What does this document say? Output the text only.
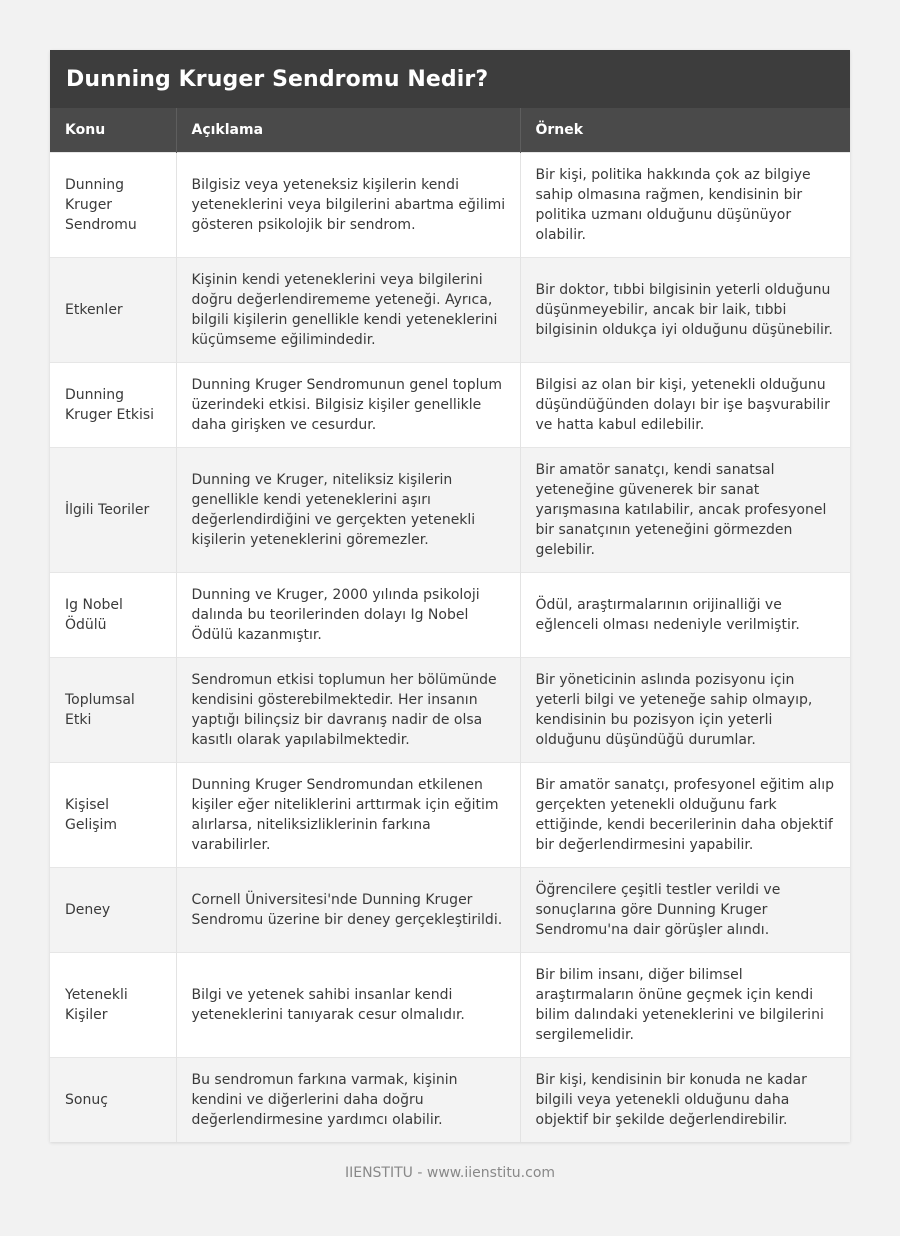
Dunning Kruger Sendromu Nedir?
Konu	Açıklama	Örnek
Dunning Kruger Sendromu	Bilgisiz veya yeteneksiz kişilerin kendi yeteneklerini veya bilgilerini abartma eğilimi gösteren psikolojik bir sendrom.	Bir kişi, politika hakkında çok az bilgiye sahip olmasına rağmen, kendisinin bir politika uzmanı olduğunu düşünüyor olabilir.
Etkenler	Kişinin kendi yeteneklerini veya bilgilerini doğru değerlendirememe yeteneği. Ayrıca, bilgili kişilerin genellikle kendi yeteneklerini küçümseme eğilimindedir.	Bir doktor, tıbbi bilgisinin yeterli olduğunu düşünmeyebilir, ancak bir laik, tıbbi bilgisinin oldukça iyi olduğunu düşünebilir.
Dunning Kruger Etkisi	Dunning Kruger Sendromunun genel toplum üzerindeki etkisi. Bilgisiz kişiler genellikle daha girişken ve cesurdur.	Bilgisi az olan bir kişi, yetenekli olduğunu düşündüğünden dolayı bir işe başvurabilir ve hatta kabul edilebilir.
İlgili Teoriler	Dunning ve Kruger, niteliksiz kişilerin genellikle kendi yeteneklerini aşırı değerlendirdiğini ve gerçekten yetenekli kişilerin yeteneklerini göremezler.	Bir amatör sanatçı, kendi sanatsal yeteneğine güvenerek bir sanat yarışmasına katılabilir, ancak profesyonel bir sanatçının yeteneğini görmezden gelebilir.
Ig Nobel Ödülü	Dunning ve Kruger, 2000 yılında psikoloji dalında bu teorilerinden dolayı Ig Nobel Ödülü kazanmıştır.	Ödül, araştırmalarının orijinalliği ve eğlenceli olması nedeniyle verilmiştir.
Toplumsal Etki	Sendromun etkisi toplumun her bölümünde kendisini gösterebilmektedir. Her insanın yaptığı bilinçsiz bir davranış nadir de olsa kasıtlı olarak yapılabilmektedir.	Bir yöneticinin aslında pozisyonu için yeterli bilgi ve yeteneğe sahip olmayıp, kendisinin bu pozisyon için yeterli olduğunu düşündüğü durumlar.
Kişisel Gelişim	Dunning Kruger Sendromundan etkilenen kişiler eğer niteliklerini arttırmak için eğitim alırlarsa, niteliksizliklerinin farkına varabilirler.	Bir amatör sanatçı, profesyonel eğitim alıp gerçekten yetenekli olduğunu fark ettiğinde, kendi becerilerinin daha objektif bir değerlendirmesini yapabilir.
Deney	Cornell Üniversitesi'nde Dunning Kruger Sendromu üzerine bir deney gerçekleştirildi.	Öğrencilere çeşitli testler verildi ve sonuçlarına göre Dunning Kruger Sendromu'na dair görüşler alındı.
Yetenekli Kişiler	Bilgi ve yetenek sahibi insanlar kendi yeteneklerini tanıyarak cesur olmalıdır.	Bir bilim insanı, diğer bilimsel araştırmaların önüne geçmek için kendi bilim dalındaki yeteneklerini ve bilgilerini sergilemelidir.
Sonuç	Bu sendromun farkına varmak, kişinin kendini ve diğerlerini daha doğru değerlendirmesine yardımcı olabilir.	Bir kişi, kendisinin bir konuda ne kadar bilgili veya yetenekli olduğunu daha objektif bir şekilde değerlendirebilir.
IIENSTITU - www.iienstitu.com
